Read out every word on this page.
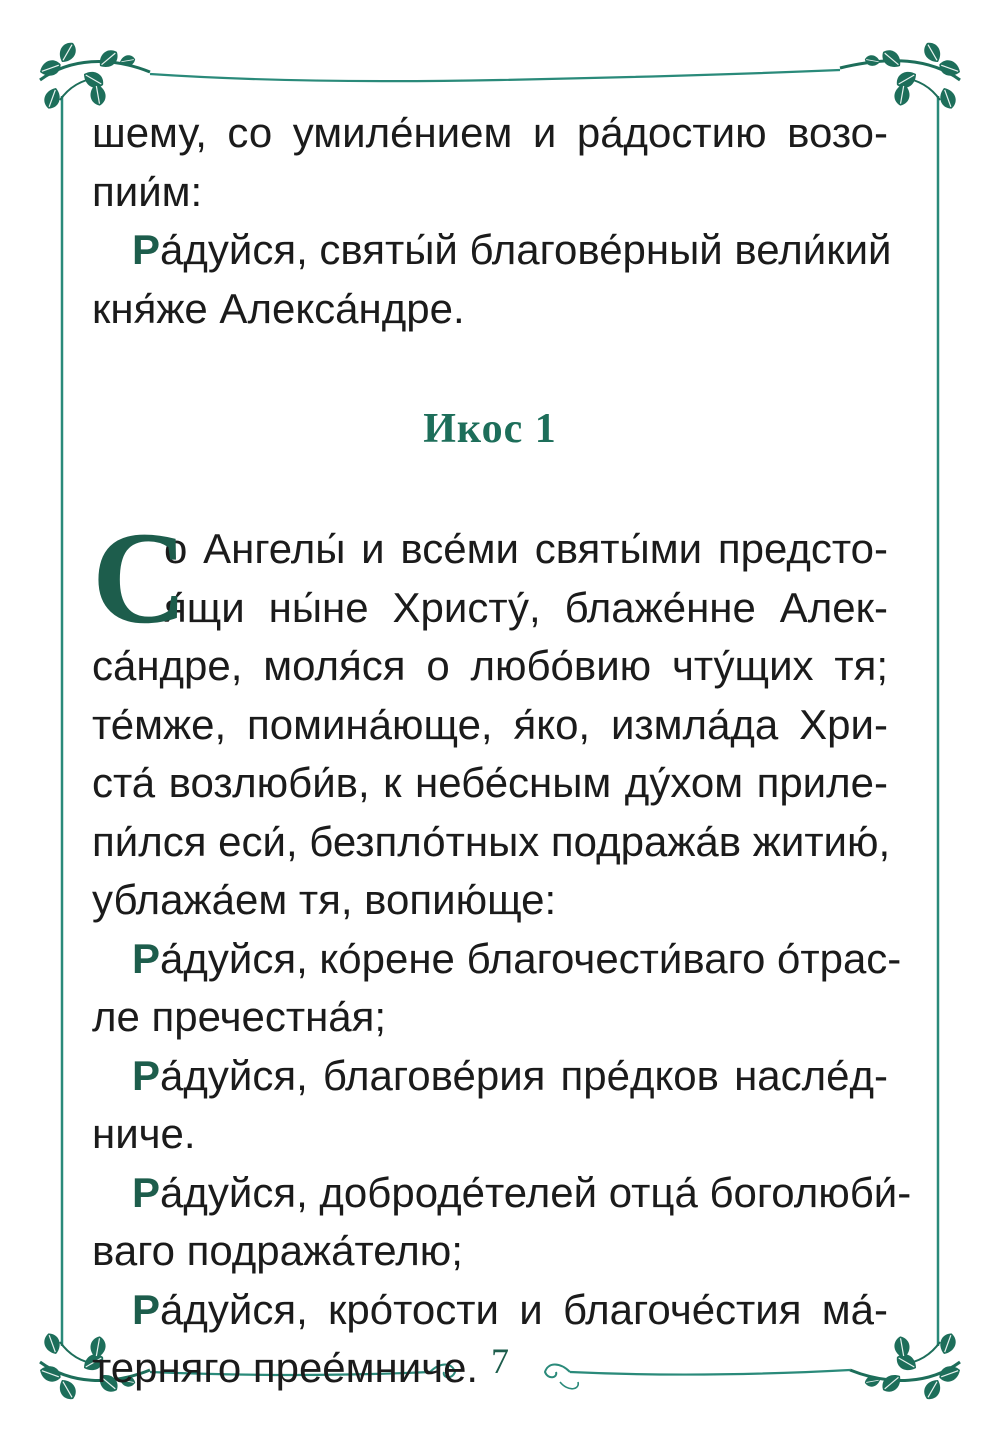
шему, со умиле́нием и ра́достию возо-
пии́м:
Ра́дуйся, святы́й благове́рный вели́кий
кня́же Алекса́ндре.
Икос 1
С
о Ангелы́ и все́ми святы́ми предсто-
я́щи ны́не Христу́, блаже́нне Алек-
са́ндре, моля́ся о любо́вию чту́щих тя;
те́мже, помина́юще, я́ко, измла́да Хри-
ста́ возлюби́в, к небе́сным ду́хом приле-
пи́лся еси́, безпло́тных подража́в житию́,
ублажа́ем тя, вопию́ще:
Ра́дуйся, ко́рене благочести́ваго о́трас-
ле пречестна́я;
Ра́дуйся, благове́рия пре́дков насле́д-
ниче.
Ра́дуйся, доброде́телей отца́ боголюби́-
ваго подража́телю;
Ра́дуйся, кро́тости и благоче́стия ма́-
терняго прее́мниче. 7
